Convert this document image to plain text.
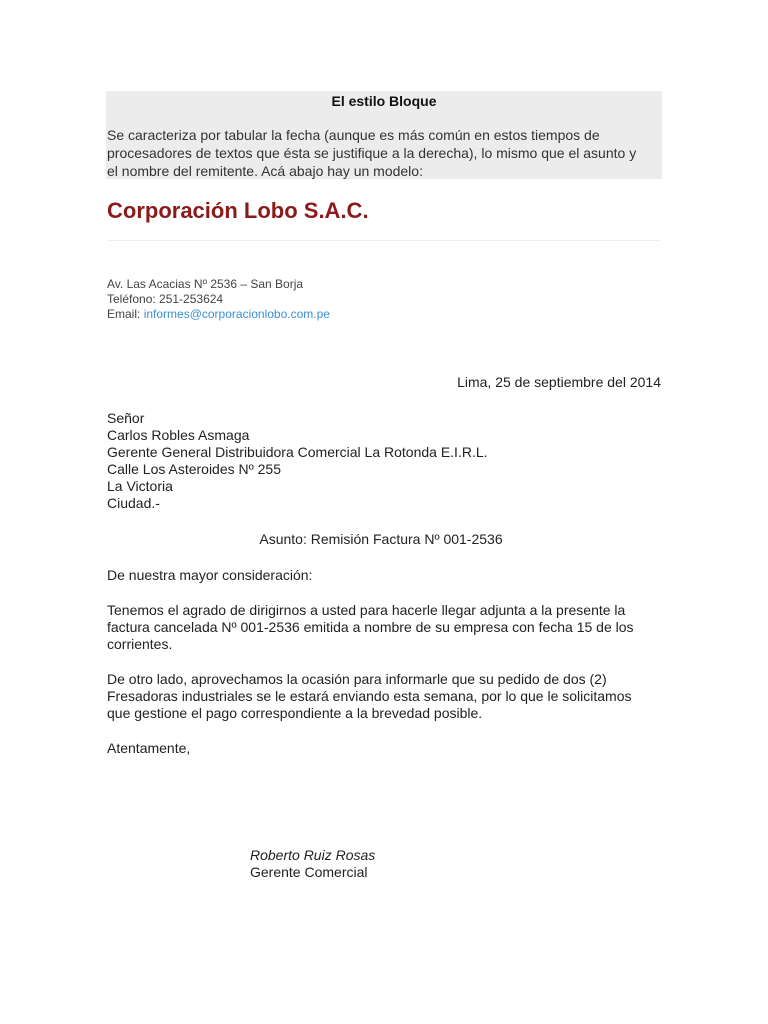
El estilo Bloque
Se caracteriza por tabular la fecha (aunque es más común en estos tiempos de
procesadores de textos que ésta se justifique a la derecha), lo mismo que el asunto y
el nombre del remitente. Acá abajo hay un modelo:
Corporación Lobo S.A.C.
Av. Las Acacias Nº 2536 – San Borja
Teléfono: 251-253624
Email: informes@corporacionlobo.com.pe
Lima, 25 de septiembre del 2014
Señor
Carlos Robles Asmaga
Gerente General Distribuidora Comercial La Rotonda E.I.R.L.
Calle Los Asteroides Nº 255
La Victoria
Ciudad.-
Asunto: Remisión Factura Nº 001-2536
De nuestra mayor consideración:
Tenemos el agrado de dirigirnos a usted para hacerle llegar adjunta a la presente la
factura cancelada Nº 001-2536 emitida a nombre de su empresa con fecha 15 de los
corrientes.
De otro lado, aprovechamos la ocasión para informarle que su pedido de dos (2)
Fresadoras industriales se le estará enviando esta semana, por lo que le solicitamos
que gestione el pago correspondiente a la brevedad posible.
Atentamente,
Roberto Ruiz Rosas
Gerente Comercial
